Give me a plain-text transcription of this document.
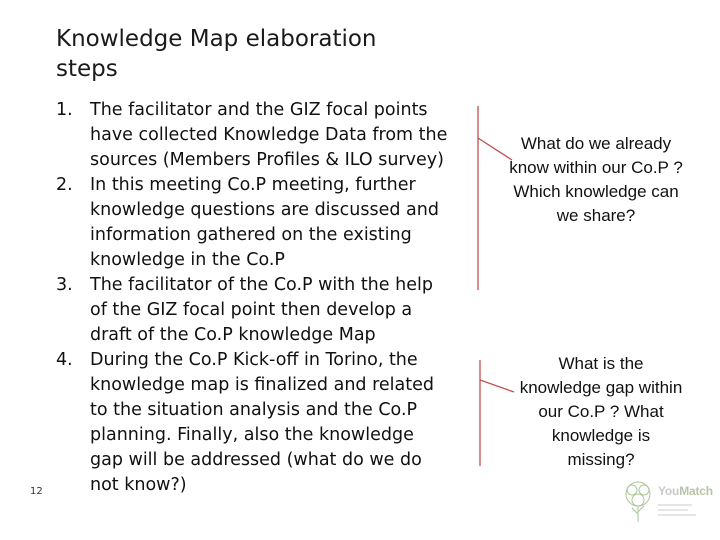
Knowledge Map elaboration steps
1. The facilitator and the GIZ focal points have collected Knowledge Data from the sources (Members Profiles & ILO survey)
2. In this meeting Co.P meeting, further knowledge questions are discussed and information gathered on the existing knowledge in the Co.P
3. The facilitator of the Co.P with the help of the GIZ focal point then develop a draft of the Co.P knowledge Map
4. During the Co.P Kick-off in Torino, the knowledge map is finalized and related to the situation analysis and the Co.P planning. Finally, also the knowledge gap will be addressed (what do we do not know?)
What do we already know within our Co.P ? Which knowledge can we share?
What is the knowledge gap within our Co.P ? What knowledge is missing?
12	YouMatch
